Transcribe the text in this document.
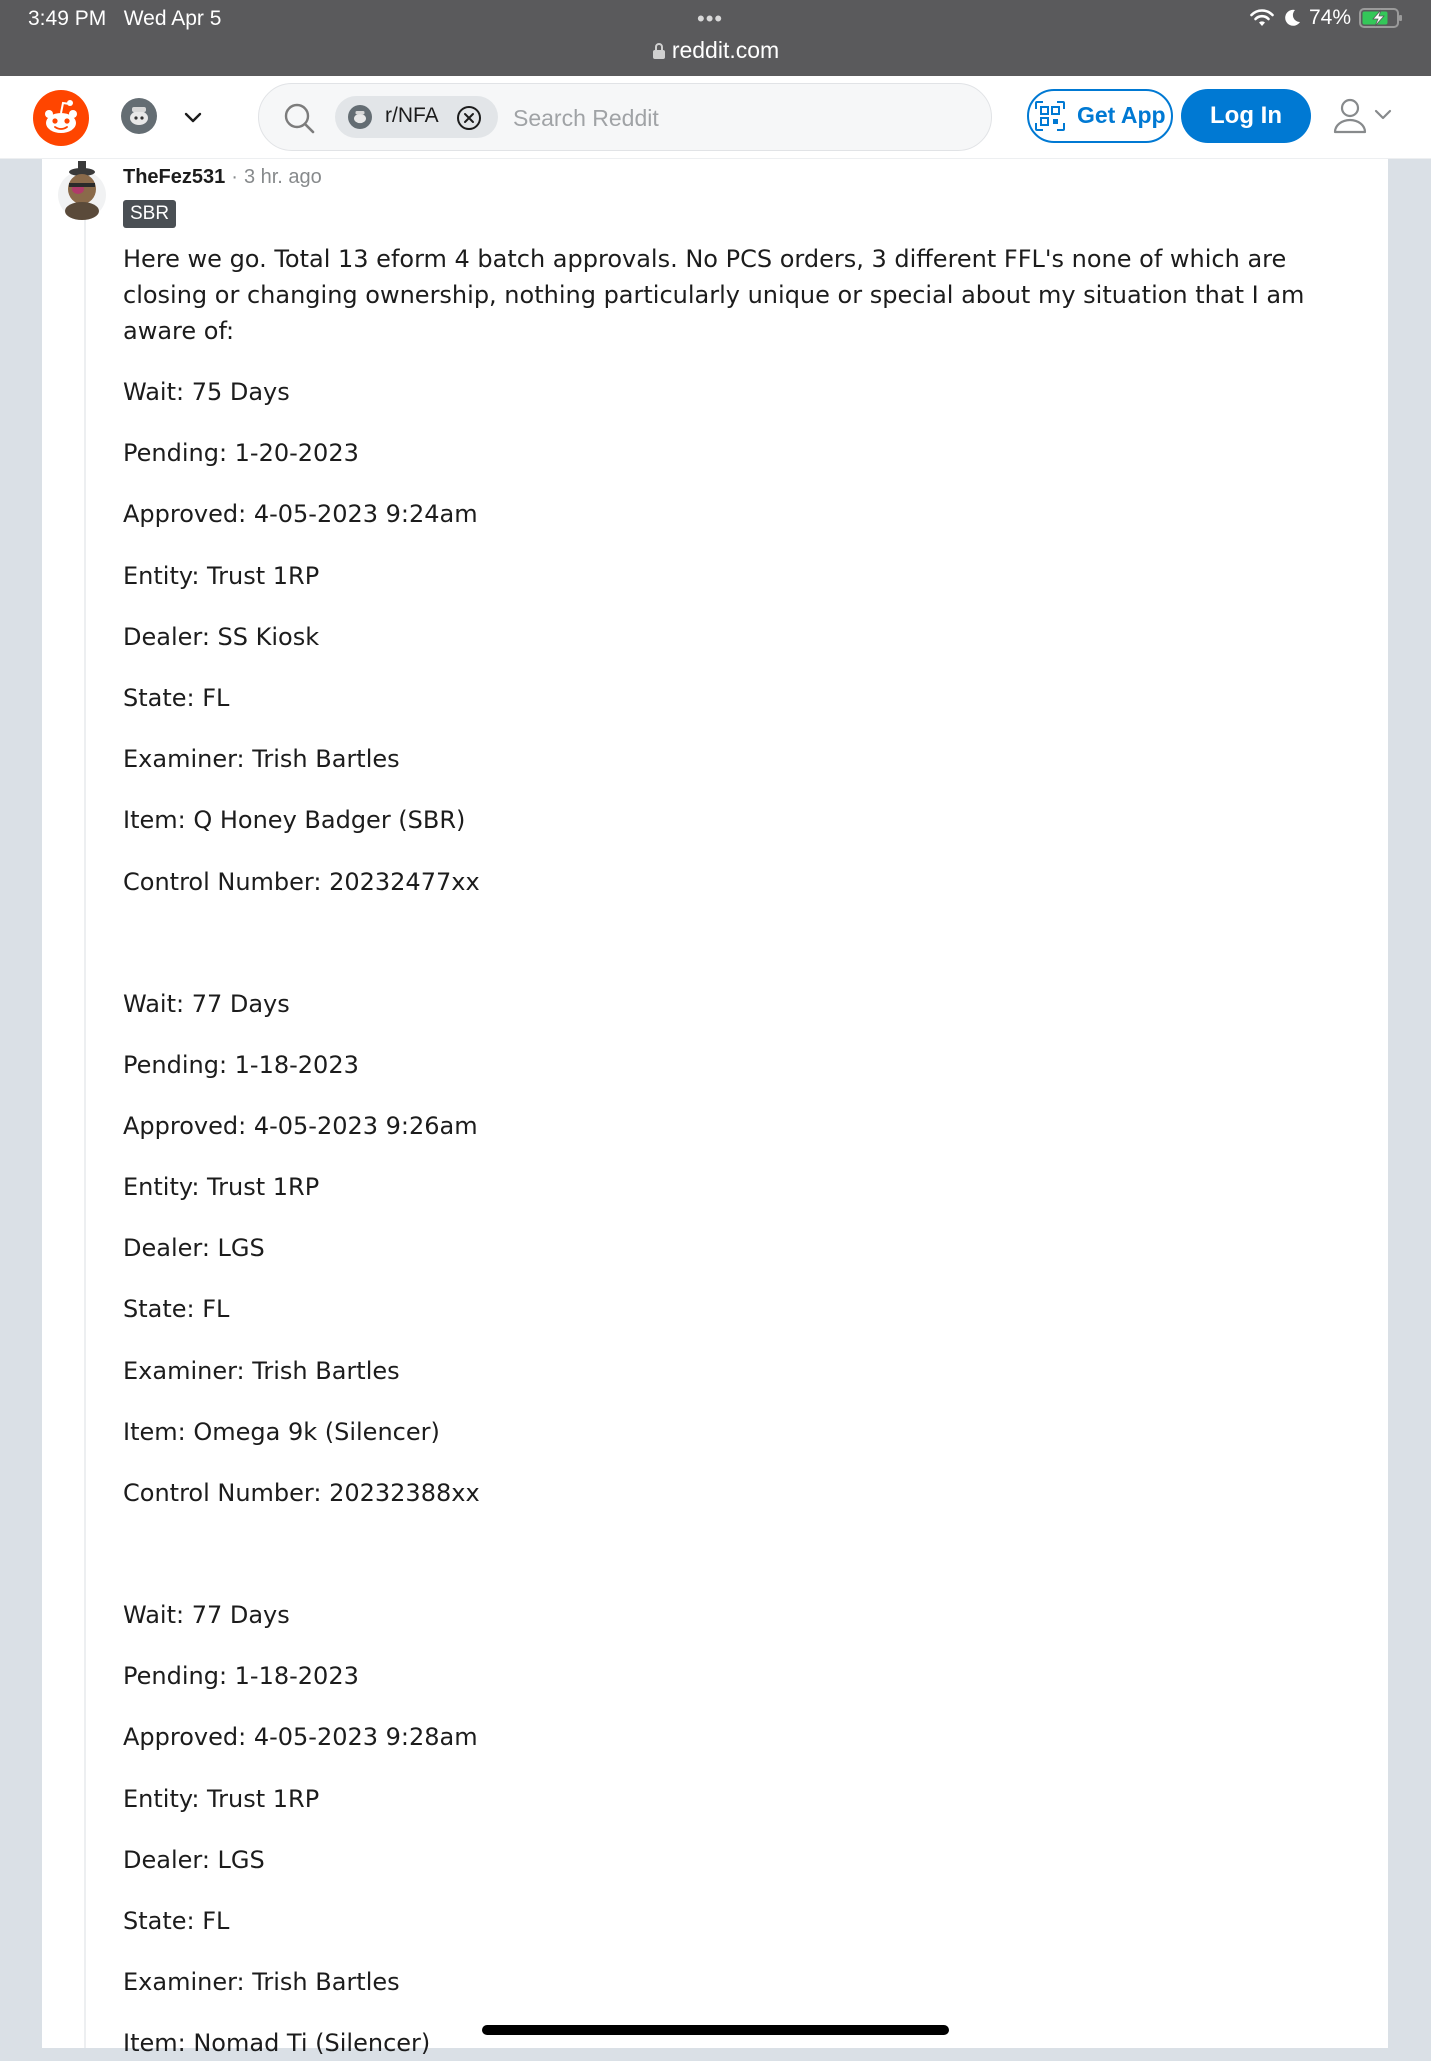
3:49 PM Wed Apr 5	•••
reddit.com
74%
r/NFA
Search Reddit	Get App	Log In
TheFez531 · 3 hr. ago
SBR

Here we go. Total 13 eform 4 batch approvals. No PCS orders, 3 different FFL's none of which are closing or changing ownership, nothing particularly unique or special about my situation that I am aware of:

Wait: 75 Days

Pending: 1-20-2023

Approved: 4-05-2023 9:24am

Entity: Trust 1RP

Dealer: SS Kiosk

State: FL

Examiner: Trish Bartles

Item: Q Honey Badger (SBR)

Control Number: 20232477xx

Wait: 77 Days

Pending: 1-18-2023

Approved: 4-05-2023 9:26am

Entity: Trust 1RP

Dealer: LGS

State: FL

Examiner: Trish Bartles

Item: Omega 9k (Silencer)

Control Number: 20232388xx

Wait: 77 Days

Pending: 1-18-2023

Approved: 4-05-2023 9:28am

Entity: Trust 1RP

Dealer: LGS

State: FL

Examiner: Trish Bartles

Item: Nomad Ti (Silencer)
